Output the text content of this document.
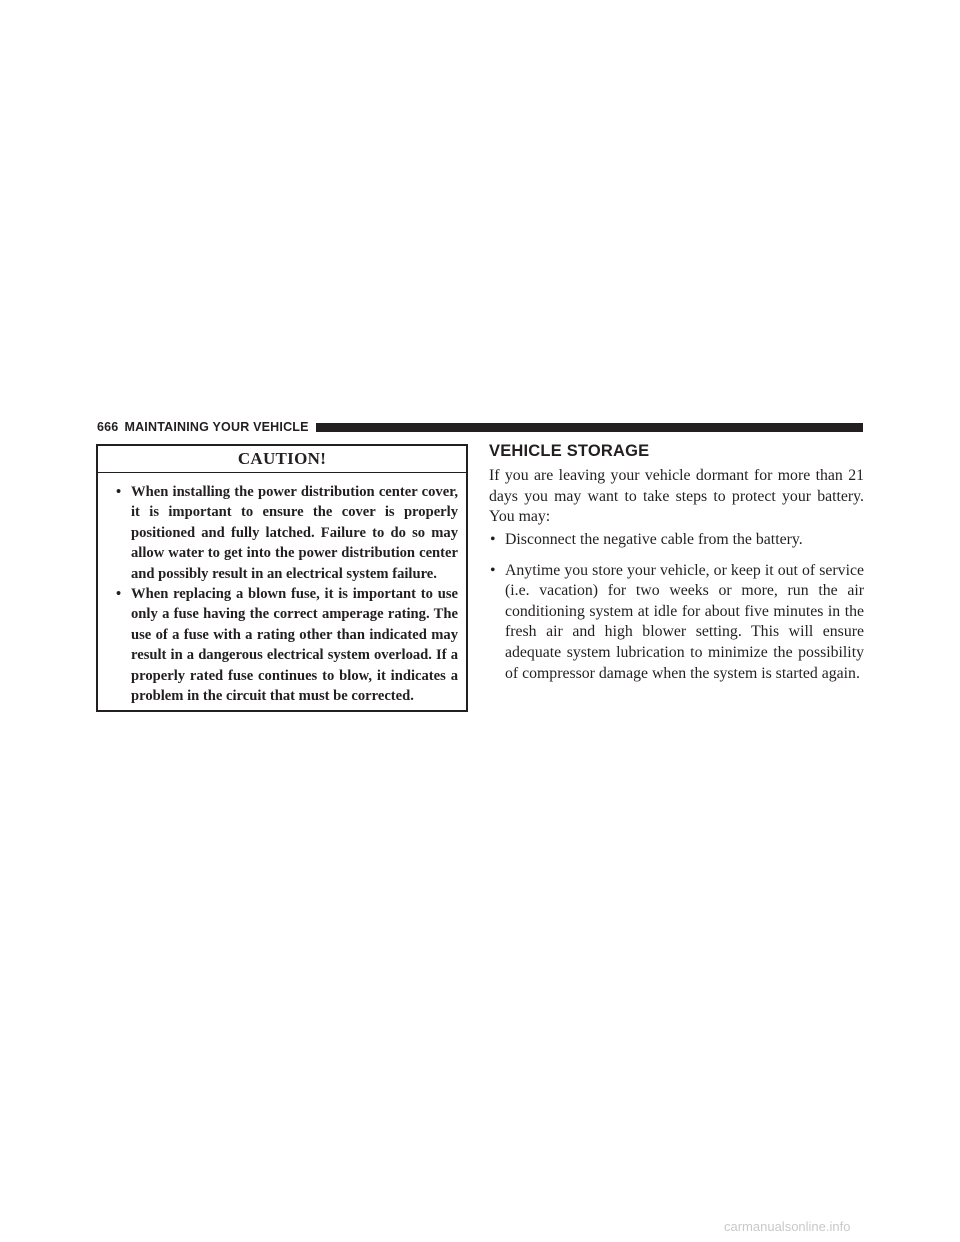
666 MAINTAINING YOUR VEHICLE
CAUTION!
• When installing the power distribution center cover, it is important to ensure the cover is properly positioned and fully latched. Failure to do so may allow water to get into the power distribution center and possibly result in an electrical system failure.
• When replacing a blown fuse, it is important to use only a fuse having the correct amperage rating. The use of a fuse with a rating other than indicated may result in a dangerous electrical system overload. If a properly rated fuse continues to blow, it indicates a problem in the circuit that must be corrected.
VEHICLE STORAGE

If you are leaving your vehicle dormant for more than 21 days you may want to take steps to protect your battery. You may:

• Disconnect the negative cable from the battery.
• Anytime you store your vehicle, or keep it out of service (i.e. vacation) for two weeks or more, run the air conditioning system at idle for about five minutes in the fresh air and high blower setting. This will ensure adequate system lubrication to minimize the possibility of compressor damage when the system is started again.
carmanualsonline.info
